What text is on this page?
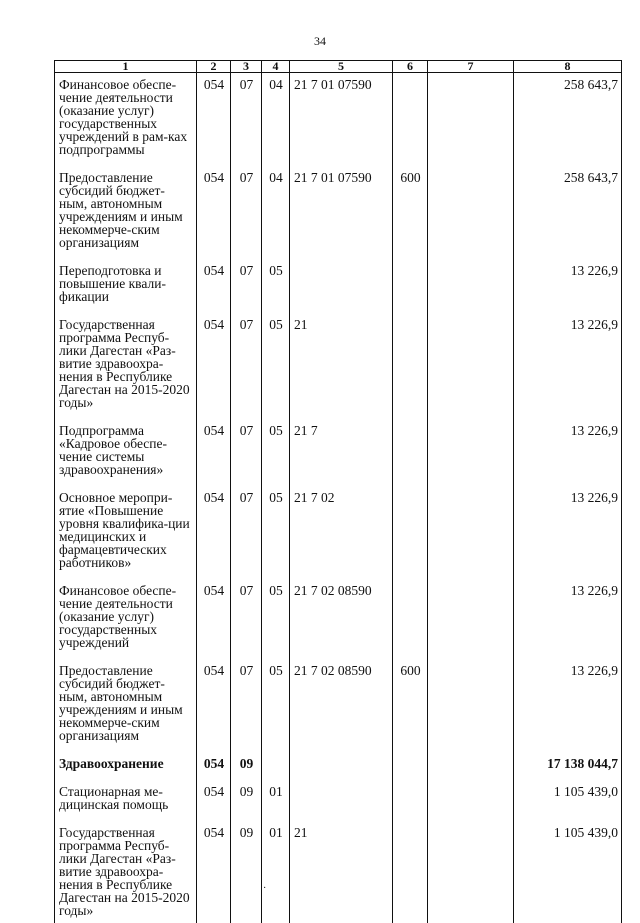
34
1	2	3	4	5	6	7	8
Финансовое обеспе-чение деятельности (оказание услуг) государственных учреждений в рам-ках подпрограммы	054	07	04	21 7 01 07590			258 643,7
Предоставление субсидий бюджет-ным, автономным учреждениям и иным некоммерче-ским организациям	054	07	04	21 7 01 07590	600		258 643,7
Переподготовка и повышение квали-фикации	054	07	05				13 226,9
Государственная программа Респуб-лики Дагестан «Раз-витие здравоохра-нения в Республике Дагестан на 2015-2020 годы»	054	07	05	21			13 226,9
Подпрограмма «Кадровое обеспе-чение системы здравоохранения»	054	07	05	21 7			13 226,9
Основное меропри-ятие «Повышение уровня квалифика-ции медицинских и фармацевтических работников»	054	07	05	21 7 02			13 226,9
Финансовое обеспе-чение деятельности (оказание услуг) государственных учреждений	054	07	05	21 7 02 08590			13 226,9
Предоставление субсидий бюджет-ным, автономным учреждениям и иным некоммерче-ским организациям	054	07	05	21 7 02 08590	600		13 226,9
Здравоохранение	054	09					17 138 044,7
Стационарная ме-дицинская помощь	054	09	01				1 105 439,0
Государственная программа Респуб-лики Дагестан «Раз-витие здравоохра-нения в Республике Дагестан на 2015-2020 годы»	054	09	01	21			1 105 439,0
·
